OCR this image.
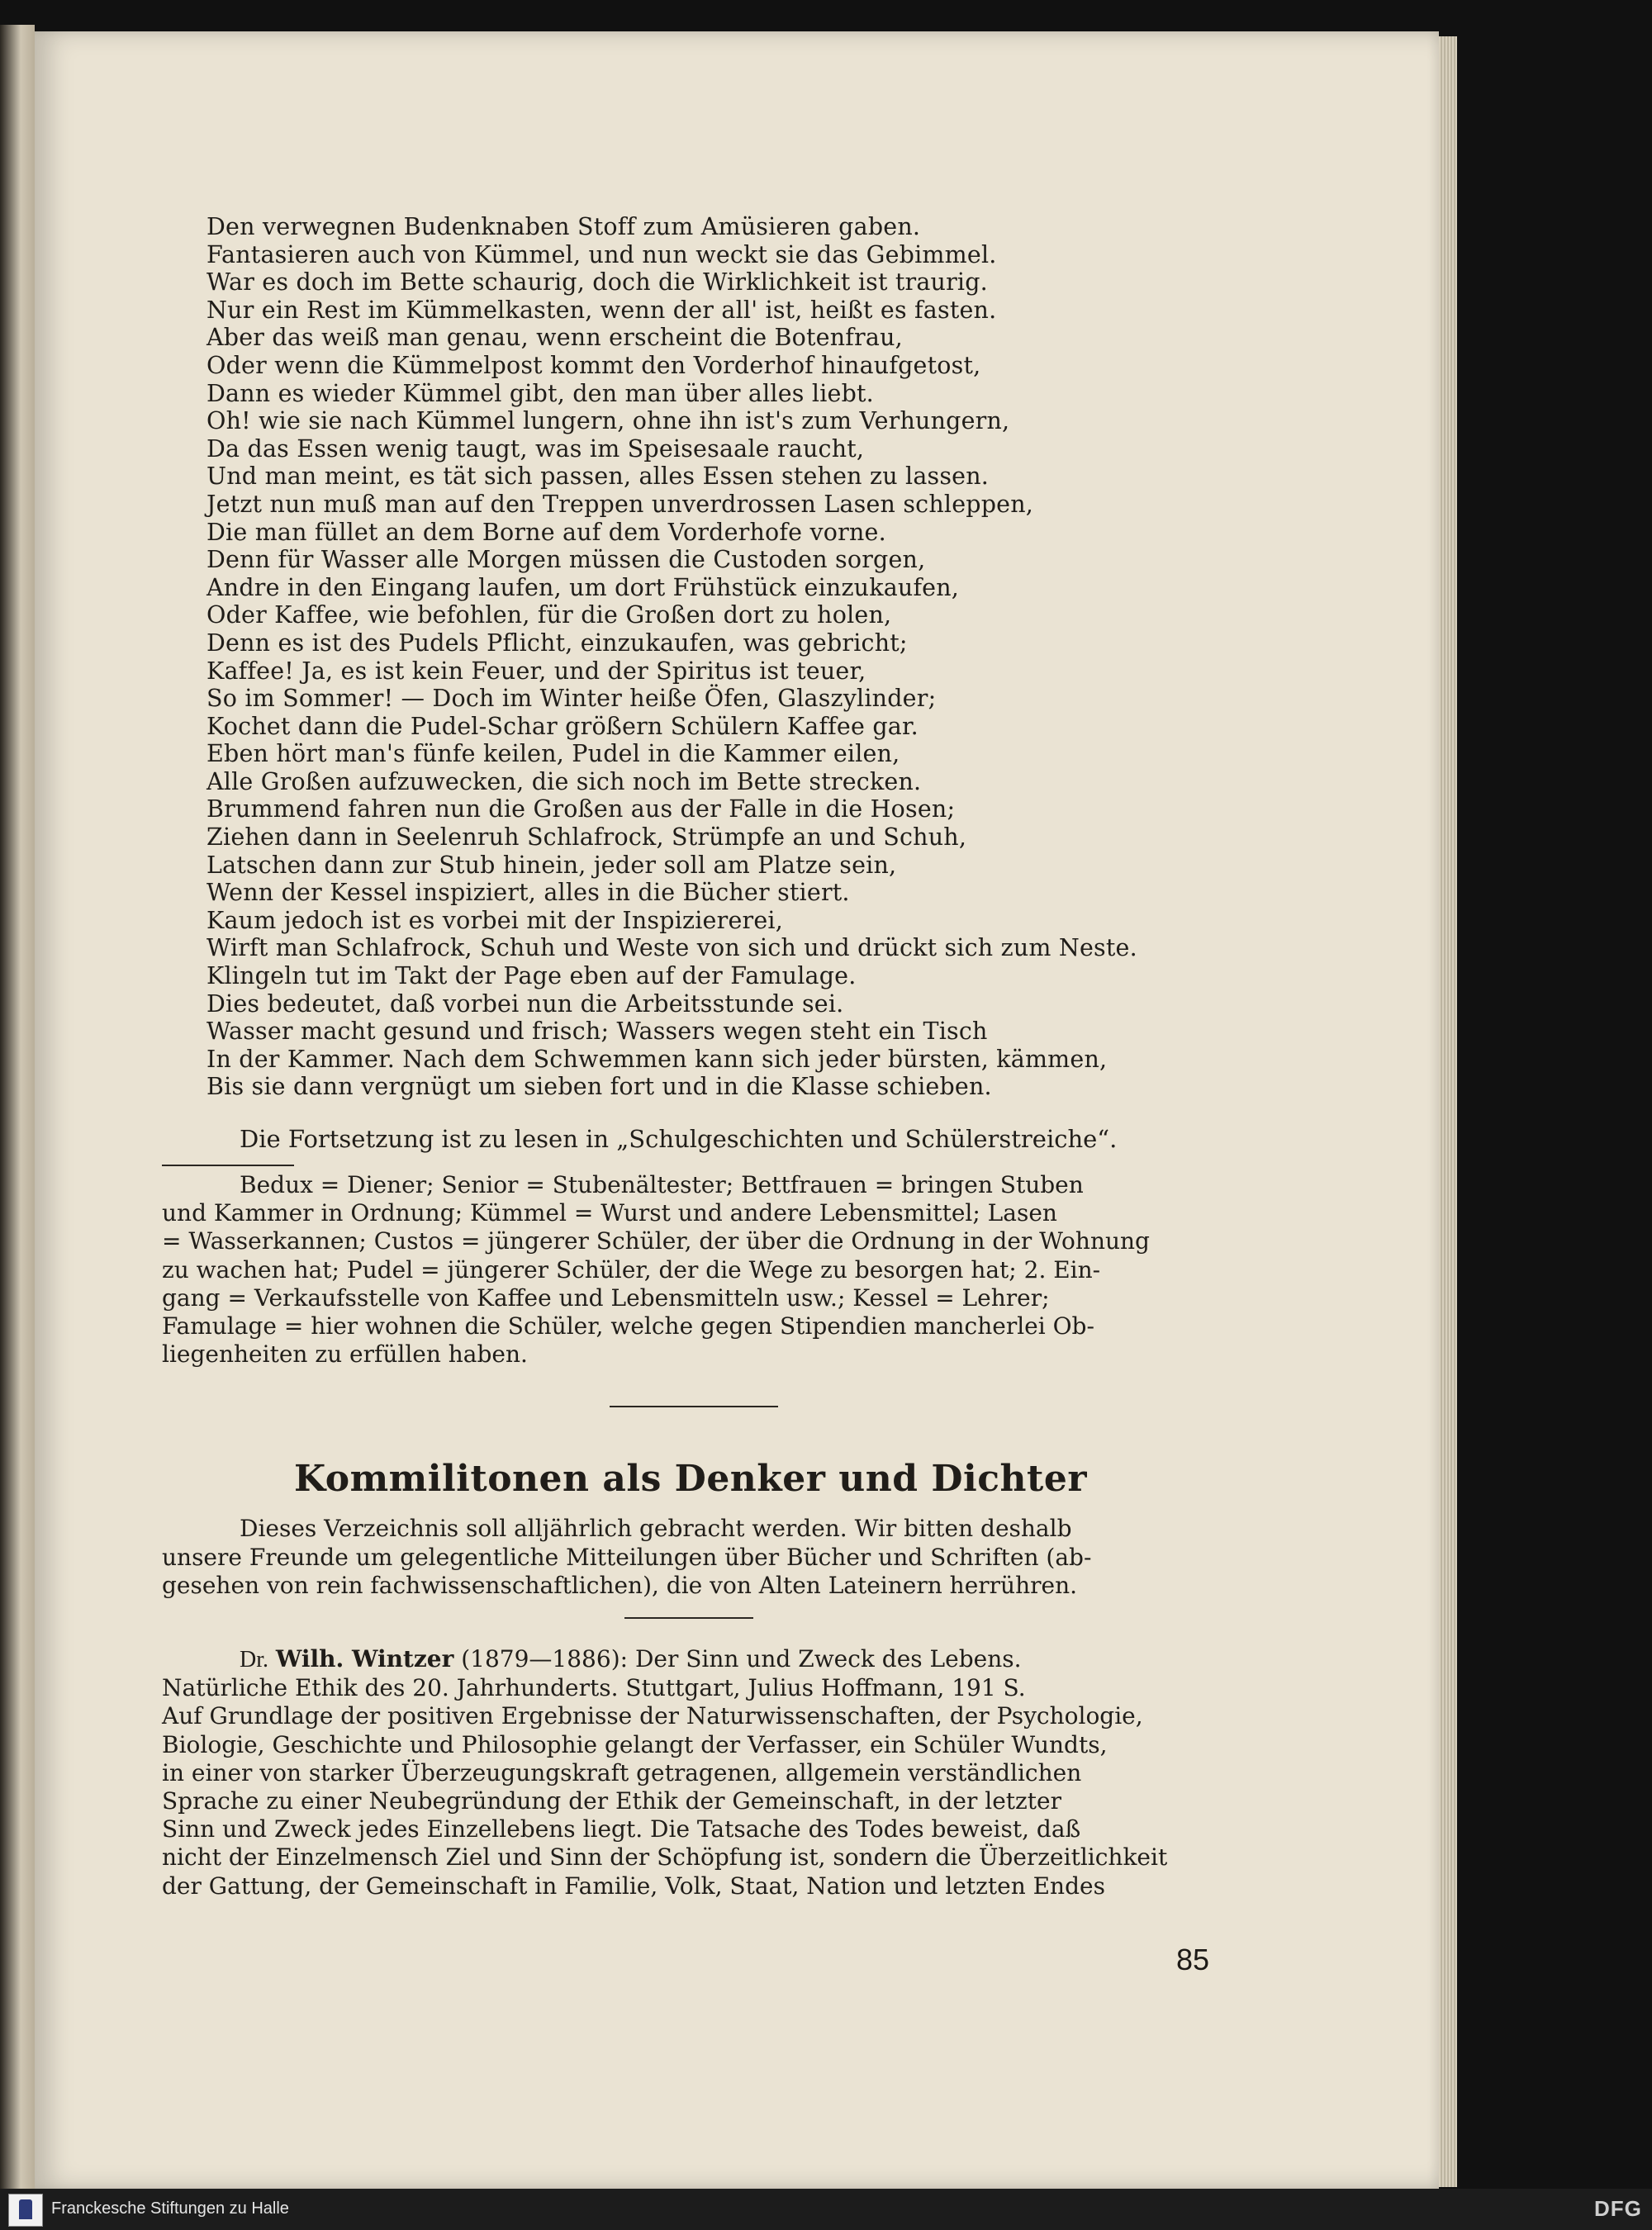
Den verwegnen Budenknaben Stoff zum Amüsieren gaben.
Fantasieren auch von Kümmel, und nun weckt sie das Gebimmel.
War es doch im Bette schaurig, doch die Wirklichkeit ist traurig.
Nur ein Rest im Kümmelkasten, wenn der all' ist, heißt es fasten.
Aber das weiß man genau, wenn erscheint die Botenfrau,
Oder wenn die Kümmelpost kommt den Vorderhof hinaufgetost,
Dann es wieder Kümmel gibt, den man über alles liebt.
Oh! wie sie nach Kümmel lungern, ohne ihn ist's zum Verhungern,
Da das Essen wenig taugt, was im Speisesaale raucht,
Und man meint, es tät sich passen, alles Essen stehen zu lassen.
Jetzt nun muß man auf den Treppen unverdrossen Lasen schleppen,
Die man füllet an dem Borne auf dem Vorderhofe vorne.
Denn für Wasser alle Morgen müssen die Custoden sorgen,
Andre in den Eingang laufen, um dort Frühstück einzukaufen,
Oder Kaffee, wie befohlen, für die Großen dort zu holen,
Denn es ist des Pudels Pflicht, einzukaufen, was gebricht;
Kaffee! Ja, es ist kein Feuer, und der Spiritus ist teuer,
So im Sommer! — Doch im Winter heiße Öfen, Glaszylinder;
Kochet dann die Pudel-Schar größern Schülern Kaffee gar.
Eben hört man's fünfe keilen, Pudel in die Kammer eilen,
Alle Großen aufzuwecken, die sich noch im Bette strecken.
Brummend fahren nun die Großen aus der Falle in die Hosen;
Ziehen dann in Seelenruh Schlafrock, Strümpfe an und Schuh,
Latschen dann zur Stub hinein, jeder soll am Platze sein,
Wenn der Kessel inspiziert, alles in die Bücher stiert.
Kaum jedoch ist es vorbei mit der Inspiziererei,
Wirft man Schlafrock, Schuh und Weste von sich und drückt sich zum Neste.
Klingeln tut im Takt der Page eben auf der Famulage.
Dies bedeutet, daß vorbei nun die Arbeitsstunde sei.
Wasser macht gesund und frisch; Wassers wegen steht ein Tisch
In der Kammer. Nach dem Schwemmen kann sich jeder bürsten, kämmen,
Bis sie dann vergnügt um sieben fort und in die Klasse schieben.
Die Fortsetzung ist zu lesen in „Schulgeschichten und Schülerstreiche“.
Bedux = Diener; Senior = Stubenältester; Bettfrauen = bringen Stuben
und Kammer in Ordnung; Kümmel = Wurst und andere Lebensmittel; Lasen
= Wasserkannen; Custos = jüngerer Schüler, der über die Ordnung in der Wohnung
zu wachen hat; Pudel = jüngerer Schüler, der die Wege zu besorgen hat; 2. Ein-
gang = Verkaufsstelle von Kaffee und Lebensmitteln usw.; Kessel = Lehrer;
Famulage = hier wohnen die Schüler, welche gegen Stipendien mancherlei Ob-
liegenheiten zu erfüllen haben.
Kommilitonen als Denker und Dichter
Dieses Verzeichnis soll alljährlich gebracht werden. Wir bitten deshalb
unsere Freunde um gelegentliche Mitteilungen über Bücher und Schriften (ab-
gesehen von rein fachwissenschaftlichen), die von Alten Lateinern herrühren.
Dr. Wilh. Wintzer (1879—1886): Der Sinn und Zweck des Lebens.
Natürliche Ethik des 20. Jahrhunderts. Stuttgart, Julius Hoffmann, 191 S.
Auf Grundlage der positiven Ergebnisse der Naturwissenschaften, der Psychologie,
Biologie, Geschichte und Philosophie gelangt der Verfasser, ein Schüler Wundts,
in einer von starker Überzeugungskraft getragenen, allgemein verständlichen
Sprache zu einer Neubegründung der Ethik der Gemeinschaft, in der letzter
Sinn und Zweck jedes Einzellebens liegt. Die Tatsache des Todes beweist, daß
nicht der Einzelmensch Ziel und Sinn der Schöpfung ist, sondern die Überzeitlichkeit
der Gattung, der Gemeinschaft in Familie, Volk, Staat, Nation und letzten Endes
85
Franckesche Stiftungen zu Halle	DFG
